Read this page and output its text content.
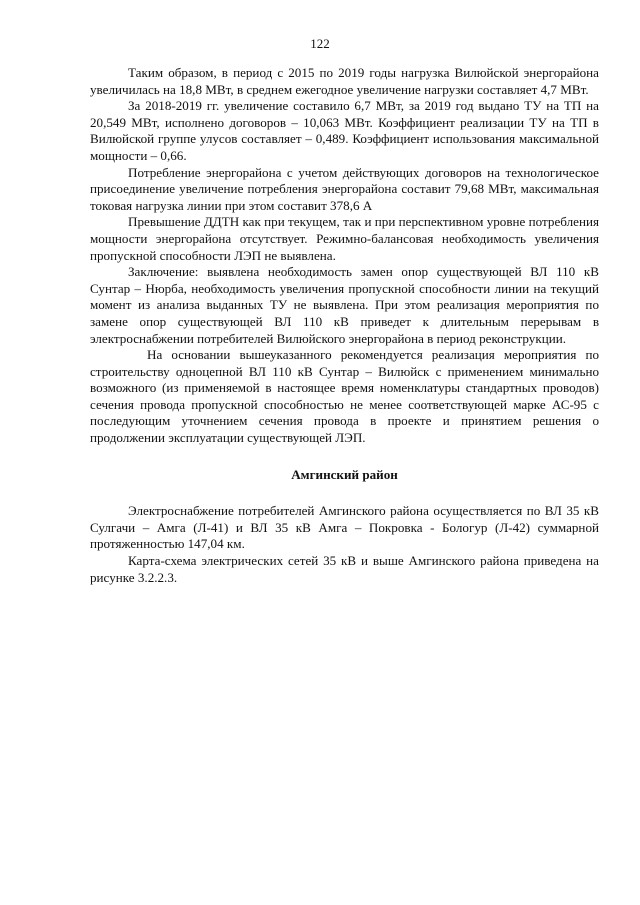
122

Таким образом, в период с 2015 по 2019 годы нагрузка Вилюйской энергорайона увеличилась на 18,8 МВт, в среднем ежегодное увеличение нагрузки составляет 4,7 МВт.

За 2018-2019 гг. увеличение составило 6,7 МВт, за 2019 год выдано ТУ на ТП на 20,549 МВт, исполнено договоров – 10,063 МВт. Коэффициент реализации ТУ на ТП в Вилюйской группе улусов составляет – 0,489. Коэффициент использования максимальной мощности – 0,66.

Потребление энергорайона с учетом действующих договоров на технологическое присоединение увеличение потребления энергорайона составит 79,68 МВт, максимальная токовая нагрузка линии при этом составит 378,6 А

Превышение ДДТН как при текущем, так и при перспективном уровне потребления мощности энергорайона отсутствует. Режимно-балансовая необходимость увеличения пропускной способности ЛЭП не выявлена.

Заключение: выявлена необходимость замен опор существующей ВЛ 110 кВ Сунтар – Нюрба, необходимость увеличения пропускной способности линии на текущий момент из анализа выданных ТУ не выявлена. При этом реализация мероприятия по замене опор существующей ВЛ 110 кВ приведет к длительным перерывам в электроснабжении потребителей Вилюйского энергорайона в период реконструкции.

На основании вышеуказанного рекомендуется реализация мероприятия по строительству одноцепной ВЛ 110 кВ Сунтар – Вилюйск с применением минимально возможного (из применяемой в настоящее время номенклатуры стандартных проводов) сечения провода пропускной способностью не менее соответствующей марке АС-95 с последующим уточнением сечения провода в проекте и принятием решения о продолжении эксплуатации существующей ЛЭП.

Амгинский район

Электроснабжение потребителей Амгинского района осуществляется по ВЛ 35 кВ Сулгачи – Амга (Л-41) и ВЛ 35 кВ Амга – Покровка - Бологур (Л-42) суммарной протяженностью 147,04 км.

Карта-схема электрических сетей 35 кВ и выше Амгинского района приведена на рисунке 3.2.2.3.
